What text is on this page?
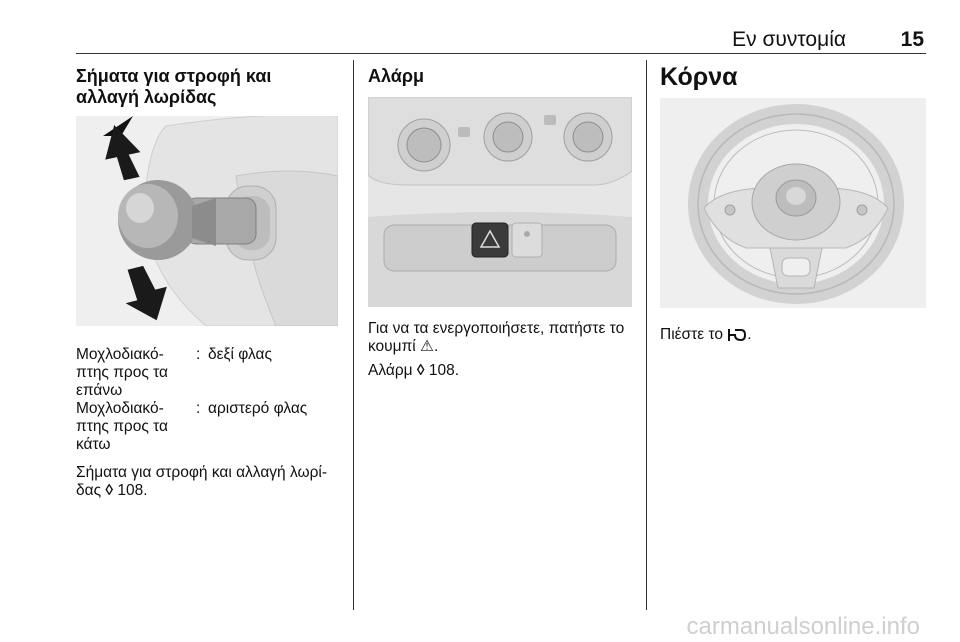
Εν συντομία	15
Σήματα για στροφή και αλλαγή λωρίδας
Μοχλοδιακό-πτης προς τα επάνω
: δεξί φλας
Μοχλοδιακό-πτης προς τα κάτω
: αριστερό φλας

Σήματα για στροφή και αλλαγή λωρί-δας ◊ 108.

Αλάρμ

Για να τα ενεργοποιήσετε, πατήστε το κουμπί ⚠.

Αλάρμ ◊ 108.

Κόρνα

Πιέστε το .

carmanualsonline.info
